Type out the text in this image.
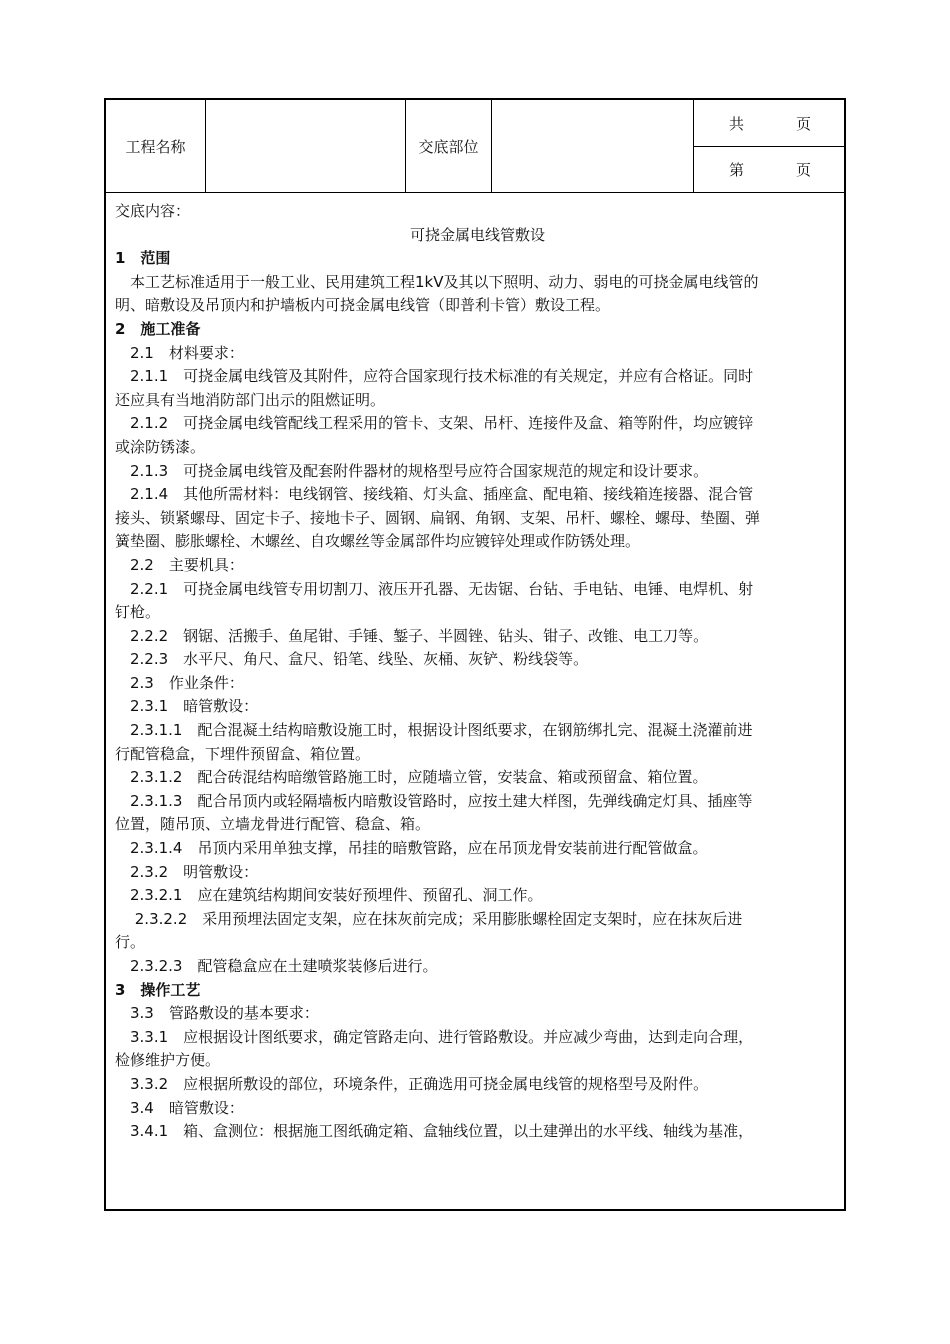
工程名称	交底部位
共	页
第	页
交底内容：
可挠金属电线管敷设
1　范围
　本工艺标准适用于一般工业、民用建筑工程1kV及其以下照明、动力、弱电的可挠金属电线管的
明、暗敷设及吊顶内和护墙板内可挠金属电线管（即普利卡管）敷设工程。
2　施工准备
　2.1　材料要求：
　2.1.1　可挠金属电线管及其附件，应符合国家现行技术标准的有关规定，并应有合格证。同时
还应具有当地消防部门出示的阻燃证明。
　2.1.2　可挠金属电线管配线工程采用的管卡、支架、吊杆、连接件及盒、箱等附件，均应镀锌
或涂防锈漆。
　2.1.3　可挠金属电线管及配套附件器材的规格型号应符合国家规范的规定和设计要求。
　2.1.4　其他所需材料：电线钢管、接线箱、灯头盒、插座盒、配电箱、接线箱连接器、混合管
接头、锁紧螺母、固定卡子、接地卡子、圆钢、扁钢、角钢、支架、吊杆、螺栓、螺母、垫圈、弹
簧垫圈、膨胀螺栓、木螺丝、自攻螺丝等金属部件均应镀锌处理或作防锈处理。
　2.2　主要机具：
　2.2.1　可挠金属电线管专用切割刀、液压开孔器、无齿锯、台钻、手电钻、电锤、电焊机、射
钉枪。
　2.2.2　钢锯、活搬手、鱼尾钳、手锤、錾子、半圆锉、钻头、钳子、改锥、电工刀等。
　2.2.3　水平尺、角尺、盒尺、铅笔、线坠、灰桶、灰铲、粉线袋等。
　2.3　作业条件：
　2.3.1　暗管敷设：
　2.3.1.1　配合混凝土结构暗敷设施工时，根据设计图纸要求，在钢筋绑扎完、混凝土浇灌前进
行配管稳盒，下埋件预留盒、箱位置。
　2.3.1.2　配合砖混结构暗缴管路施工时，应随墙立管，安装盒、箱或预留盒、箱位置。
　2.3.1.3　配合吊顶内或轻隔墙板内暗敷设管路时，应按土建大样图，先弹线确定灯具、插座等
位置，随吊顶、立墙龙骨进行配管、稳盒、箱。
　2.3.1.4　吊顶内采用单独支撑，吊挂的暗敷管路，应在吊顶龙骨安装前进行配管做盒。
　2.3.2　明管敷设：
　2.3.2.1　应在建筑结构期间安装好预埋件、预留孔、洞工作。
　 2.3.2.2　采用预埋法固定支架，应在抹灰前完成；采用膨胀螺栓固定支架时，应在抹灰后进
行。
　2.3.2.3　配管稳盒应在土建喷浆装修后进行。
3　操作工艺
　3.3　管路敷设的基本要求：
　3.3.1　应根据设计图纸要求，确定管路走向、进行管路敷设。并应减少弯曲，达到走向合理，
检修维护方便。
　3.3.2　应根据所敷设的部位，环境条件，正确选用可挠金属电线管的规格型号及附件。
　3.4　暗管敷设：
　3.4.1　箱、盒测位：根据施工图纸确定箱、盒轴线位置，以土建弹出的水平线、轴线为基准，
